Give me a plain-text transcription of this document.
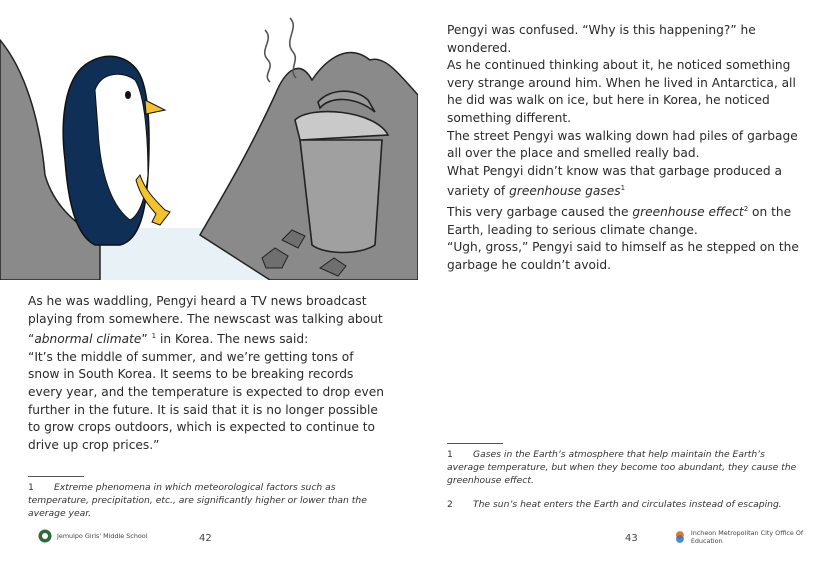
As he was waddling, Pengyi heard a TV news broadcast playing from somewhere. The newscast was talking about “abnormal climate” $^1$ in Korea. The news said:

“It’s the middle of summer, and we’re getting tons of snow in South Korea. It seems to be breaking records every year, and the temperature is expected to drop even further in the future. It is said that it is no longer possible to grow crops outdoors, which is expected to continue to drive up crop prices.”

1 Extreme phenomena in which meteorological factors such as temperature, precipitation, etc., are significantly higher or lower than the average year.
Jemulpo Girls' Middle School	42

Pengyi was confused. “Why is this happening?” he wondered.

As he continued thinking about it, he noticed something very strange around him. When he lived in Antarctica, all he did was walk on ice, but here in Korea, he noticed something different.

The street Pengyi was walking down had piles of garbage all over the place and smelled really bad.

What Pengyi didn’t know was that garbage produced a variety of greenhouse gases$^1$

This very garbage caused the greenhouse effect$^2$ on the Earth, leading to serious climate change.

“Ugh, gross,” Pengyi said to himself as he stepped on the garbage he couldn’t avoid.

1 Gases in the Earth’s atmosphere that help maintain the Earth’s average temperature, but when they become too abundant, they cause the greenhouse effect.
2 The sun’s heat enters the Earth and circulates instead of escaping.
43	Incheon Metropolitan City Office Of Education
